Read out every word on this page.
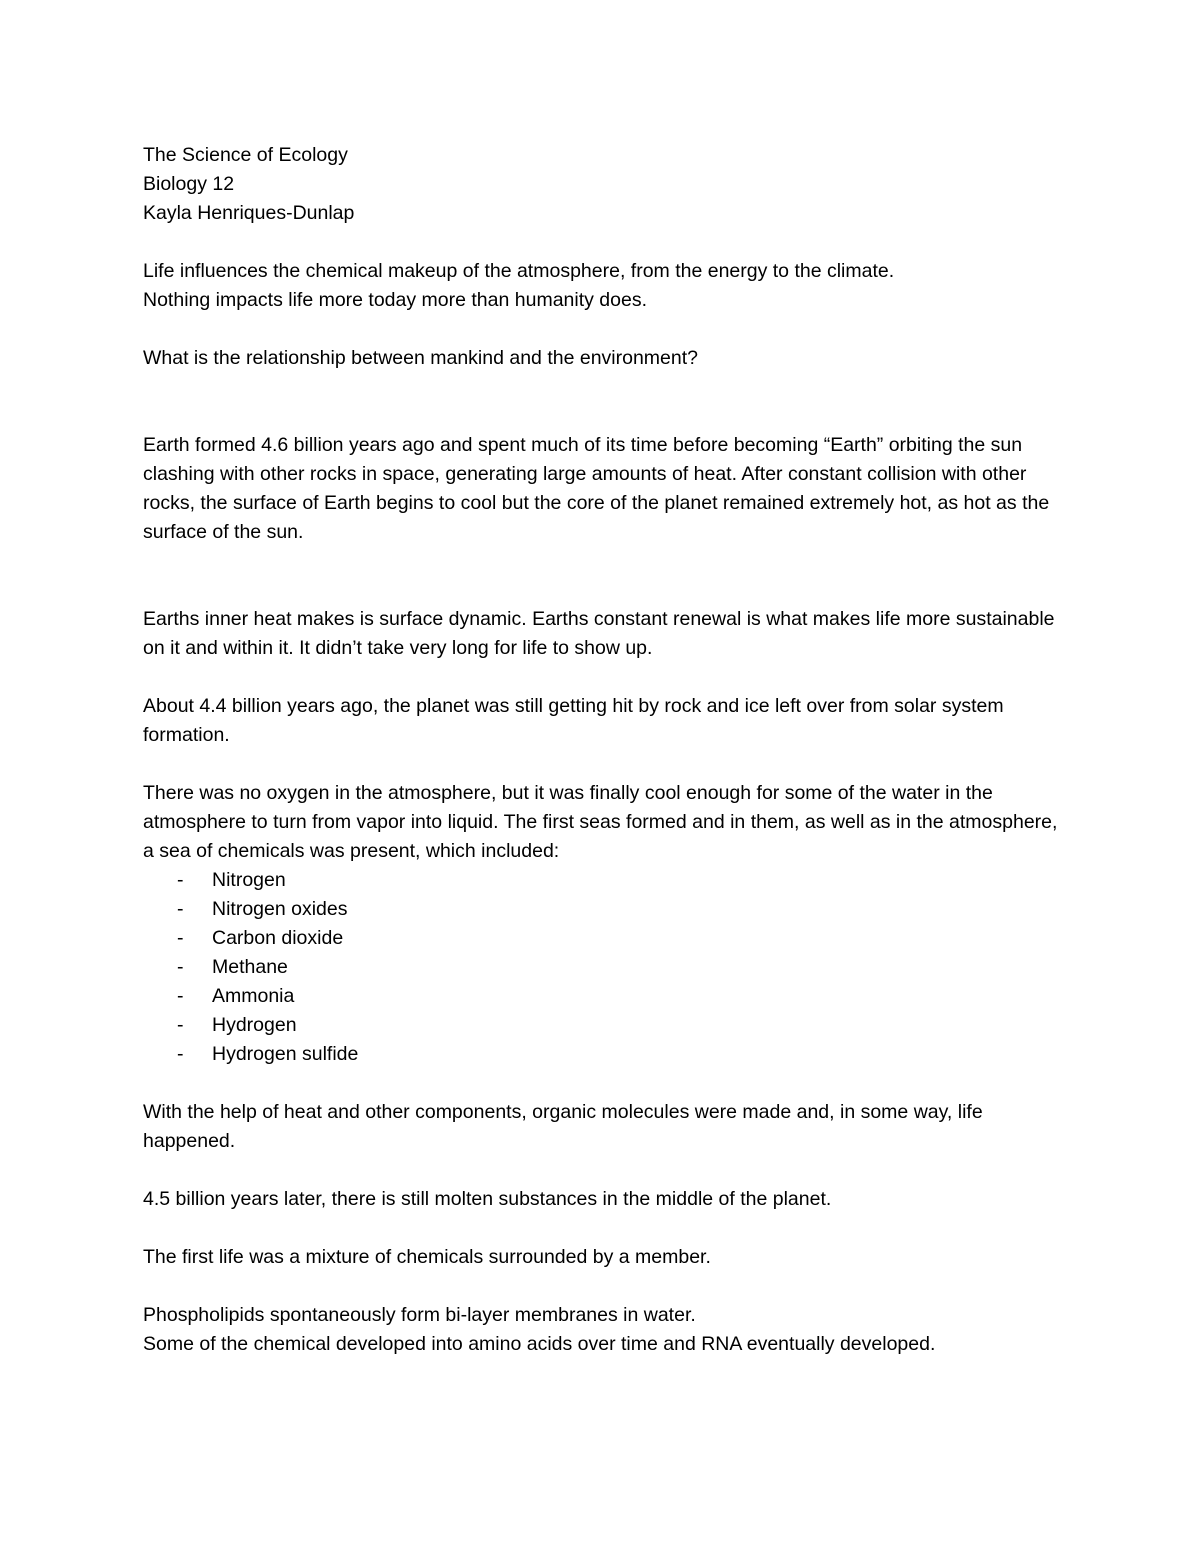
The Science of Ecology
Biology 12
Kayla Henriques-Dunlap
Life influences the chemical makeup of the atmosphere, from the energy to the climate.
Nothing impacts life more today more than humanity does.

What is the relationship between mankind and the environment?

Earth formed 4.6 billion years ago and spent much of its time before becoming “Earth” orbiting the sun clashing with other rocks in space, generating large amounts of heat. After constant collision with other rocks, the surface of Earth begins to cool but the core of the planet remained extremely hot, as hot as the surface of the sun.

Earths inner heat makes is surface dynamic. Earths constant renewal is what makes life more sustainable on it and within it. It didn’t take very long for life to show up.

About 4.4 billion years ago, the planet was still getting hit by rock and ice left over from solar system formation.

There was no oxygen in the atmosphere, but it was finally cool enough for some of the water in the atmosphere to turn from vapor into liquid. The first seas formed and in them, as well as in the atmosphere, a sea of chemicals was present, which included:

- Nitrogen
- Nitrogen oxides
- Carbon dioxide
- Methane
- Ammonia
- Hydrogen
- Hydrogen sulfide

With the help of heat and other components, organic molecules were made and, in some way, life happened.

4.5 billion years later, there is still molten substances in the middle of the planet.

The first life was a mixture of chemicals surrounded by a member.

Phospholipids spontaneously form bi-layer membranes in water.

Some of the chemical developed into amino acids over time and RNA eventually developed.
